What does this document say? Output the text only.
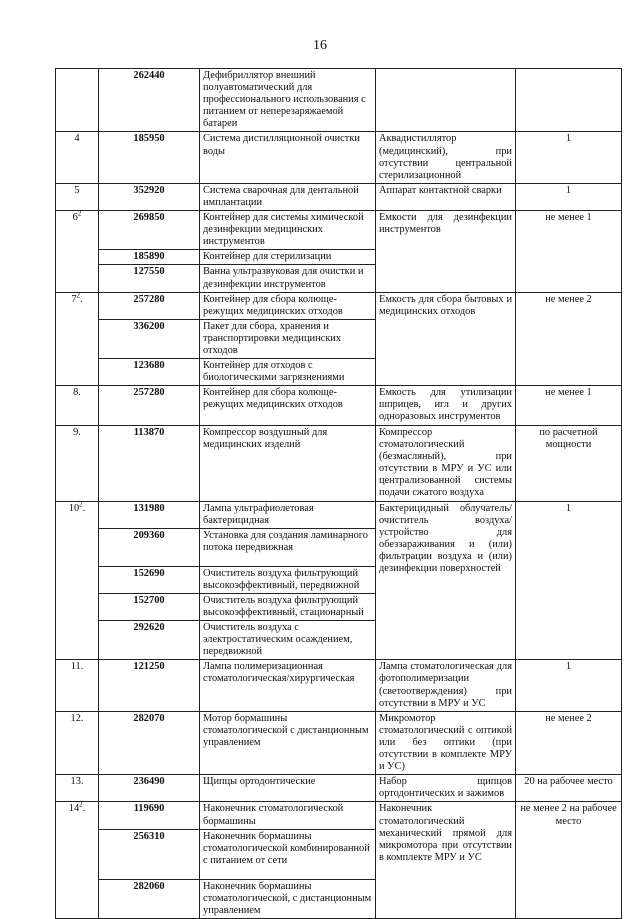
16
	262440	Дефибриллятор внешний полуавтоматический для профессионального использования с питанием от неперезаряжаемой батареи		
4	185950	Система дистилляционной очистки воды	Аквадистиллятор (медицинский), при отсутствии центральной стерилизационной	1
5	352920	Система сварочная для дентальной имплантации	Аппарат контактной сварки	1
$6^2$	269850	Контейнер для системы химической дезинфекции медицинских инструментов	Емкости для дезинфекции инструментов	не менее 1
	185890	Контейнер для стерилизации		
	127550	Ванна ультразвуковая для очистки и дезинфекции инструментов		
$7^2$.	257280	Контейнер для сбора колюще-режущих медицинских отходов	Емкость для сбора бытовых и медицинских отходов	не менее 2
	336200	Пакет для сбора, хранения и транспортировки медицинских отходов		
	123680	Контейнер для отходов с биологическими загрязнениями		
8.	257280	Контейнер для сбора колюще-режущих медицинских отходов	Емкость для утилизации шприцев, игл и других одноразовых инструментов	не менее 1
9.	113870	Компрессор воздушный для медицинских изделий	Компрессор стоматологический (безмасляный), при отсутствии в МРУ и УС или централизованной системы подачи сжатого воздуха	по расчетной мощности
$10^2$.	131980	Лампа ультрафиолетовая бактерицидная	Бактерицидный облучатель/очиститель воздуха/устройство для обеззараживания и (или) фильтрации воздуха и (или) дезинфекции поверхностей	1
	209360	Установка для создания ламинарного потока передвижная		
	152690	Очиститель воздуха фильтрующий высокоэффективный, передвижной		
	152700	Очиститель воздуха фильтрующий высокоэффективный, стационарный		
	292620	Очиститель воздуха с электростатическим осаждением, передвижной		
11.	121250	Лампа полимеризационная стоматологическая/хирургическая	Лампа стоматологическая для фотополимеризации (светоотверждения) при отсутствии в МРУ и УС	1
12.	282070	Мотор бормашины стоматологической с дистанционным управлением	Микромотор стоматологический с оптикой или без оптики (при отсутствии в комплекте МРУ и УС)	не менее 2
13.	236490	Щипцы ортодонтические	Набор щипцов ортодонтических и зажимов	20 на рабочее место
$14^2$.	119690	Наконечник стоматологической бормашины	Наконечник стоматологический механический прямой для микромотора при отсутствии в комплекте МРУ и УС	не менее 2 на рабочее место
	256310	Наконечник бормашины стоматологической комбинированной с питанием от сети		
	282060	Наконечник бормашины стоматологической, с дистанционным управлением		
